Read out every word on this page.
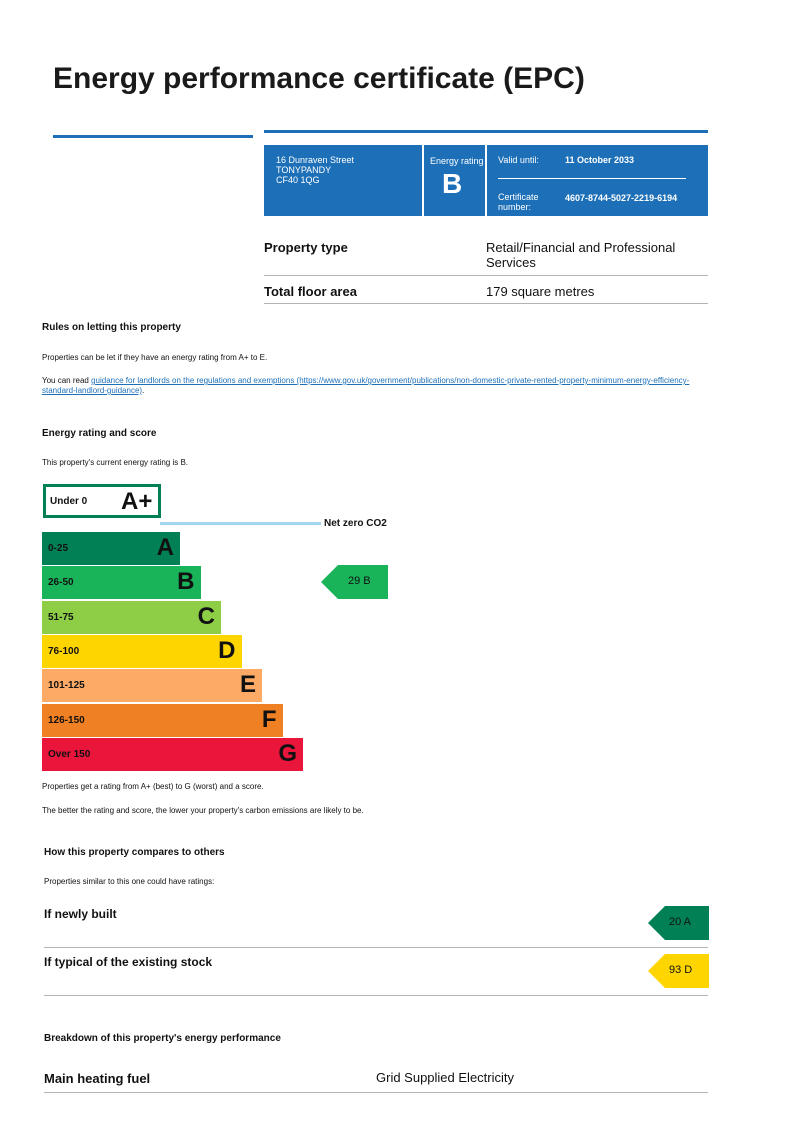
Energy performance certificate (EPC)
16 Dunraven Street
TONYPANDY
CF40 1QG
Energy rating
B
Valid until:	11 October 2033
Certificate number:
4607-8744-5027-2219-6194
Property type	Retail/Financial and Professional Services
Total floor area	179 square metres
Rules on letting this property
Properties can be let if they have an energy rating from A+ to E.
You can read guidance for landlords on the regulations and exemptions (https://www.gov.uk/government/publications/non-domestic-private-rented-property-minimum-energy-efficiency-standard-landlord-guidance).
Energy rating and score
This property's current energy rating is B.
Under 0 A+
Net zero CO2
0-25	A
26-50	B
51-75	C
76-100	D
101-125	E
126-150	F
Over 150	G
29 B
Properties get a rating from A+ (best) to G (worst) and a score.
The better the rating and score, the lower your property's carbon emissions are likely to be.
How this property compares to others
Properties similar to this one could have ratings:
If newly built
20 A
If typical of the existing stock
93 D
Breakdown of this property's energy performance
Main heating fuel	Grid Supplied Electricity
